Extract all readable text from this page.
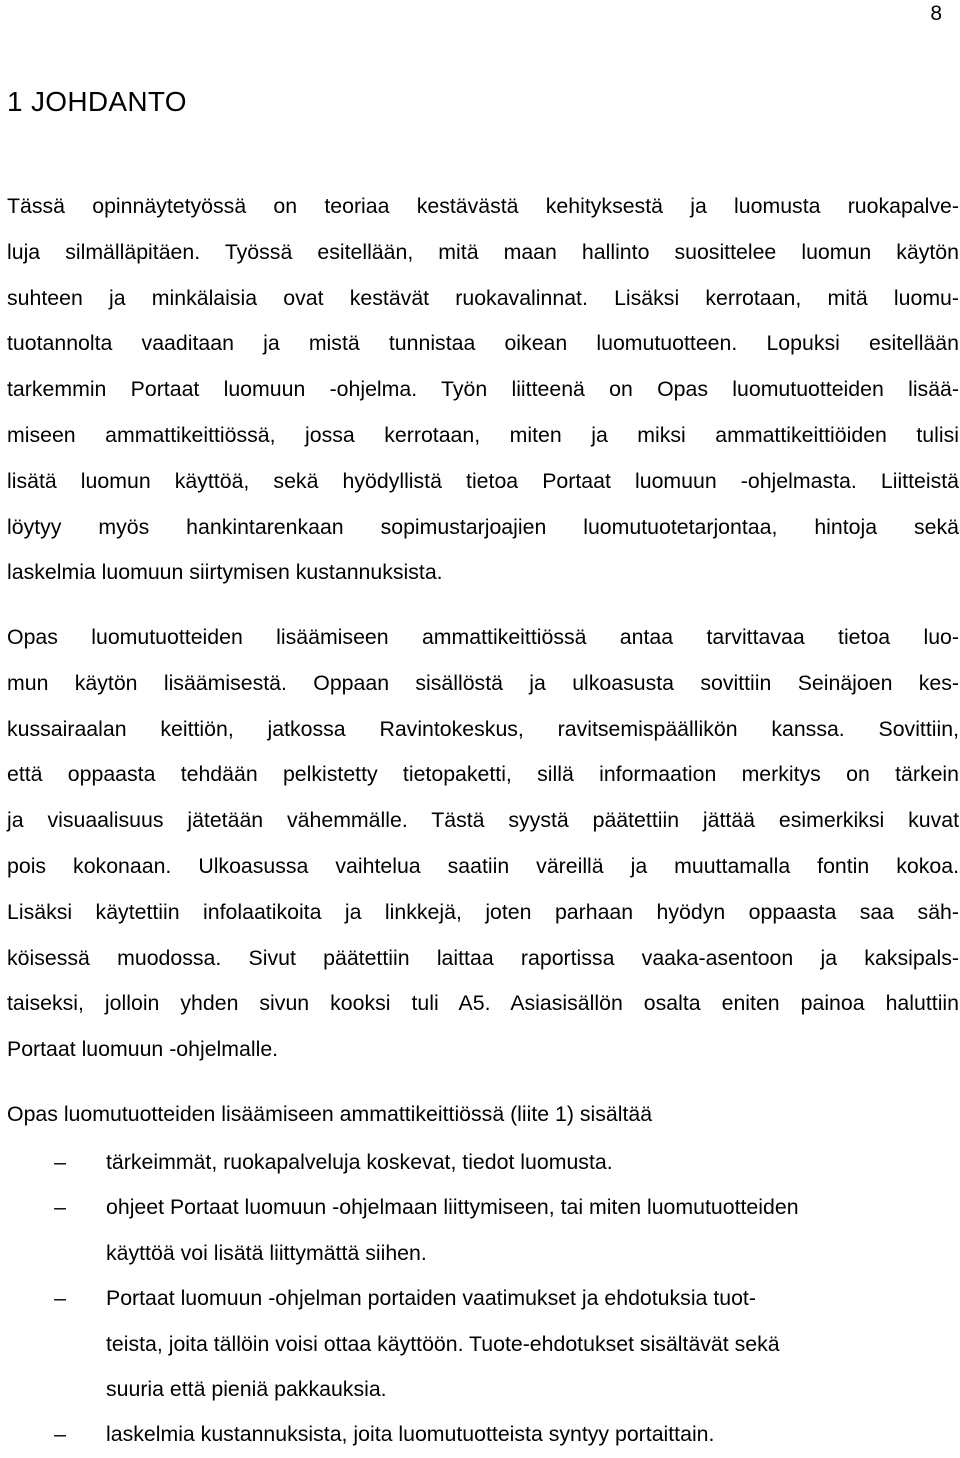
8
1 JOHDANTO
Tässä opinnäytetyössä on teoriaa kestävästä kehityksestä ja luomusta ruokapalve-
luja silmälläpitäen. Työssä esitellään, mitä maan hallinto suosittelee luomun käytön
suhteen ja minkälaisia ovat kestävät ruokavalinnat. Lisäksi kerrotaan, mitä luomu-
tuotannolta vaaditaan ja mistä tunnistaa oikean luomutuotteen. Lopuksi esitellään
tarkemmin Portaat luomuun -ohjelma. Työn liitteenä on Opas luomutuotteiden lisää-
miseen ammattikeittiössä, jossa kerrotaan, miten ja miksi ammattikeittiöiden tulisi
lisätä luomun käyttöä, sekä hyödyllistä tietoa Portaat luomuun -ohjelmasta. Liitteistä
löytyy myös hankintarenkaan sopimustarjoajien luomutuotetarjontaa, hintoja sekä
laskelmia luomuun siirtymisen kustannuksista.
Opas luomutuotteiden lisäämiseen ammattikeittiössä antaa tarvittavaa tietoa luo-
mun käytön lisäämisestä. Oppaan sisällöstä ja ulkoasusta sovittiin Seinäjoen kes-
kussairaalan keittiön, jatkossa Ravintokeskus, ravitsemispäällikön kanssa. Sovittiin,
että oppaasta tehdään pelkistetty tietopaketti, sillä informaation merkitys on tärkein
ja visuaalisuus jätetään vähemmälle. Tästä syystä päätettiin jättää esimerkiksi kuvat
pois kokonaan. Ulkoasussa vaihtelua saatiin väreillä ja muuttamalla fontin kokoa.
Lisäksi käytettiin infolaatikoita ja linkkejä, joten parhaan hyödyn oppaasta saa säh-
köisessä muodossa. Sivut päätettiin laittaa raportissa vaaka-asentoon ja kaksipals-
taiseksi, jolloin yhden sivun kooksi tuli A5. Asiasisällön osalta eniten painoa haluttiin
Portaat luomuun -ohjelmalle.
Opas luomutuotteiden lisäämiseen ammattikeittiössä (liite 1) sisältää
– tärkeimmät, ruokapalveluja koskevat, tiedot luomusta.
– ohjeet Portaat luomuun -ohjelmaan liittymiseen, tai miten luomutuotteiden
käyttöä voi lisätä liittymättä siihen.
– Portaat luomuun -ohjelman portaiden vaatimukset ja ehdotuksia tuot-
teista, joita tällöin voisi ottaa käyttöön. Tuote-ehdotukset sisältävät sekä
suuria että pieniä pakkauksia.
– laskelmia kustannuksista, joita luomutuotteista syntyy portaittain.
